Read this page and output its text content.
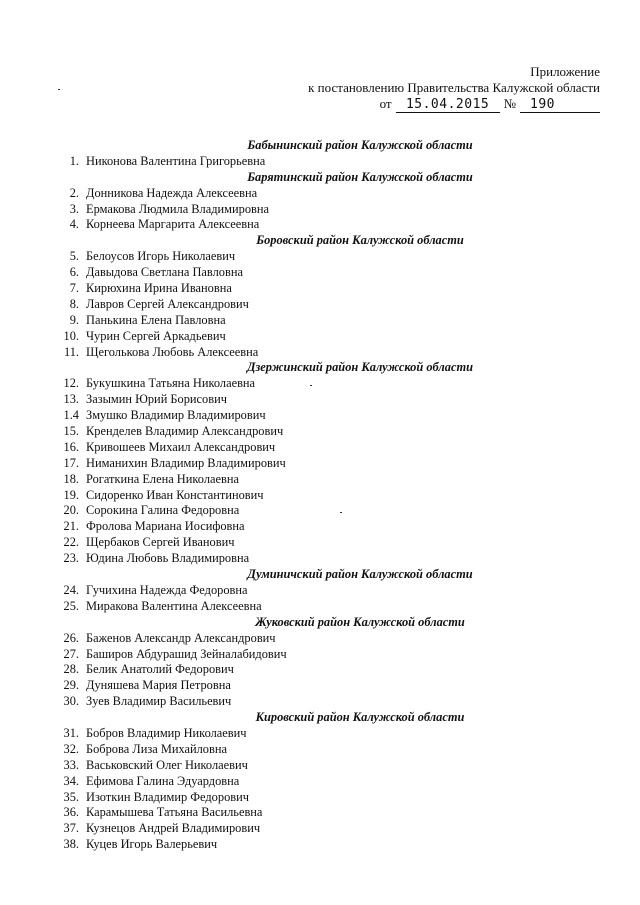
Приложение
к постановлению Правительства Калужской области
от	15.04.2015	№	190
Бабынинский район Калужской области
1. Никонова Валентина Григорьевна
Барятинский район Калужской области
2. Донникова Надежда Алексеевна
3. Ермакова Людмила Владимировна
4. Корнеева Маргарита Алексеевна
Боровский район Калужской области
5. Белоусов Игорь Николаевич
6. Давыдова Светлана Павловна
7. Кирюхина Ирина Ивановна
8. Лавров Сергей Александрович
9. Панькина Елена Павловна
10. Чурин Сергей Аркадьевич
11. Щеголькова Любовь Алексеевна
Дзержинский район Калужской области
12. Букушкина Татьяна Николаевна
13. Зазымин Юрий Борисович
1.4 Змушко Владимир Владимирович
15. Кренделев Владимир Александрович
16. Кривошеев Михаил Александрович
17. Ниманихин Владимир Владимирович
18. Рогаткина Елена Николаевна
19. Сидоренко Иван Константинович
20. Сорокина Галина Федоровна
21. Фролова Мариана Иосифовна
22. Щербаков Сергей Иванович
23. Юдина Любовь Владимировна
Думиничский район Калужской области
24. Гучихина Надежда Федоровна
25. Миракова Валентина Алексеевна
Жуковский район Калужской области
26. Баженов Александр Александрович
27. Баширов Абдурашид Зейналабидович
28. Белик Анатолий Федорович
29. Дуняшева Мария Петровна
30. Зуев Владимир Васильевич
Кировский район Калужской области
31. Бобров Владимир Николаевич
32. Боброва Лиза Михайловна
33. Васьковский Олег Николаевич
34. Ефимова Галина Эдуардовна
35. Изоткин Владимир Федорович
36. Карамышева Татьяна Васильевна
37. Кузнецов Андрей Владимирович
38. Куцев Игорь Валерьевич
